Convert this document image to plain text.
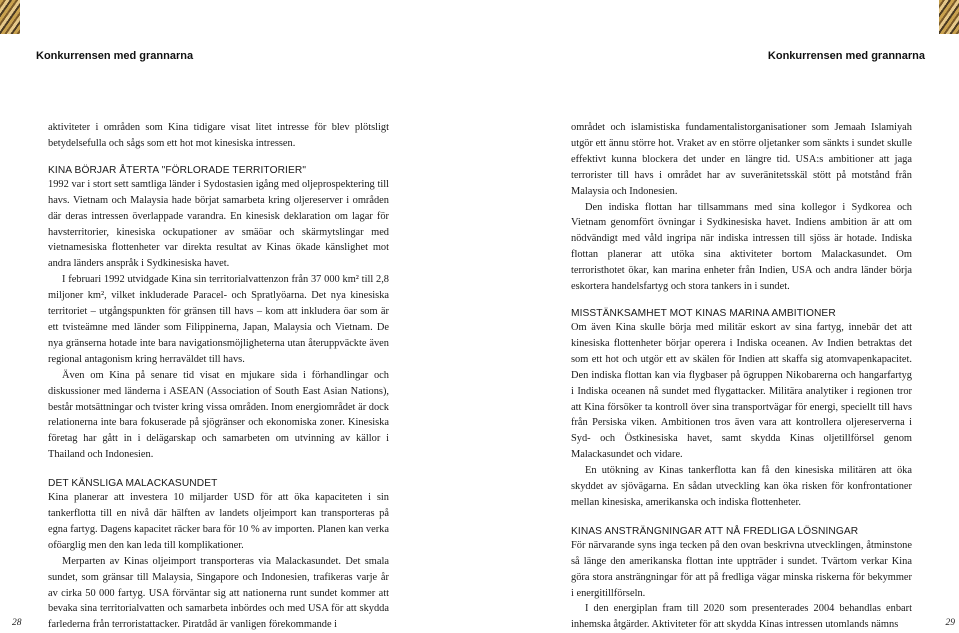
Konkurrensen med grannarna	Konkurrensen med grannarna

aktiviteter i områden som Kina tidigare visat litet intresse för blev plötsligt betydelsefulla och sågs som ett hot mot kinesiska intressen.

KINA BÖRJAR ÅTERTA "FÖRLORADE TERRITORIER"

1992 var i stort sett samtliga länder i Sydostasien igång med oljeprospektering till havs. Vietnam och Malaysia hade börjat samarbeta kring oljereserver i områden där deras intressen överlappade varandra. En kinesisk deklaration om lagar för havsterritorier, kinesiska ockupationer av smäöar och skärmytslingar med vietnamesiska flottenheter var direkta resultat av Kinas ökade känslighet mot andra länders anspråk i Sydkinesiska havet.

I februari 1992 utvidgade Kina sin territorialvattenzon från 37 000 km² till 2,8 miljoner km², vilket inkluderade Paracel- och Spratlyöarna. Det nya kinesiska territoriet – utgångspunkten för gränsen till havs – kom att inkludera öar som är ett tvisteämne med länder som Filippinerna, Japan, Malaysia och Vietnam. De nya gränserna hotade inte bara navigationsmöjligheterna utan återuppväckte även regional antagonism kring herraväldet till havs.

Även om Kina på senare tid visat en mjukare sida i förhandlingar och diskussioner med länderna i ASEAN (Association of South East Asian Nations), består motsättningar och tvister kring vissa områden. Inom energiområdet är dock relationerna inte bara fokuserade på sjögränser och ekonomiska zoner. Kinesiska företag har gått in i delägarskap och samarbeten om utvinning av källor i Thailand och Indonesien.

DET KÄNSLIGA MALACKASUNDET

Kina planerar att investera 10 miljarder USD för att öka kapaciteten i sin tankerflotta till en nivå där hälften av landets oljeimport kan transporteras på egna fartyg. Dagens kapacitet räcker bara för 10 % av importen. Planen kan verka oföarglig men den kan leda till komplikationer.

Merparten av Kinas oljeimport transporteras via Malackasundet. Det smala sundet, som gränsar till Malaysia, Singapore och Indonesien, trafikeras varje år av cirka 50 000 fartyg. USA förväntar sig att nationerna runt sundet kommer att bevaka sina territorialvatten och samarbeta inbördes och med USA för att skydda farlederna från terroristattacker. Piratdåd är vanligen förekommande i

området och islamistiska fundamentalistorganisationer som Jemaah Islamiyah utgör ett ännu större hot. Vraket av en större oljetanker som sänkts i sundet skulle effektivt kunna blockera det under en längre tid. USA:s ambitioner att jaga terrorister till havs i området har av suveränitetsskäl stött på motstånd från Malaysia och Indonesien.

Den indiska flottan har tillsammans med sina kollegor i Sydkorea och Vietnam genomfört övningar i Sydkinesiska havet. Indiens ambition är att om nödvändigt med våld ingripa när indiska intressen till sjöss är hotade. Indiska flottan planerar att utöka sina aktiviteter bortom Malackasundet. Om terroristhotet ökar, kan marina enheter från Indien, USA och andra länder börja eskortera handelsfartyg och stora tankers in i sundet.

MISSTÄNKSAMHET MOT KINAS MARINA AMBITIONER

Om även Kina skulle börja med militär eskort av sina fartyg, innebär det att kinesiska flottenheter börjar operera i Indiska oceanen. Av Indien betraktas det som ett hot och utgör ett av skälen för Indien att skaffa sig atomvapenkapacitet. Den indiska flottan kan via flygbaser på ögruppen Nikobarerna och hangarfartyg i Indiska oceanen nå sundet med flygattacker. Militära analytiker i regionen tror att Kina försöker ta kontroll över sina transportvägar för energi, speciellt till havs från Persiska viken. Ambitionen tros även vara att kontrollera oljereserverna i Syd- och Östkinesiska havet, samt skydda Kinas oljetillförsel genom Malackasundet och vidare.

En utökning av Kinas tankerflotta kan få den kinesiska militären att öka skyddet av sjövägarna. En sådan utveckling kan öka risken för konfrontationer mellan kinesiska, amerikanska och indiska flottenheter.

KINAS ANSTRÄNGNINGAR ATT NÅ FREDLIGA LÖSNINGAR

För närvarande syns inga tecken på den ovan beskrivna utvecklingen, åtminstone så länge den amerikanska flottan inte uppträder i sundet. Tvärtom verkar Kina göra stora ansträngningar för att på fredliga vägar minska riskerna för bekymmer i energitillförseln.

I den energiplan fram till 2020 som presenterades 2004 behandlas enbart inhemska åtgärder. Aktiviteter för att skydda Kinas intressen utomlands nämns

28	29
